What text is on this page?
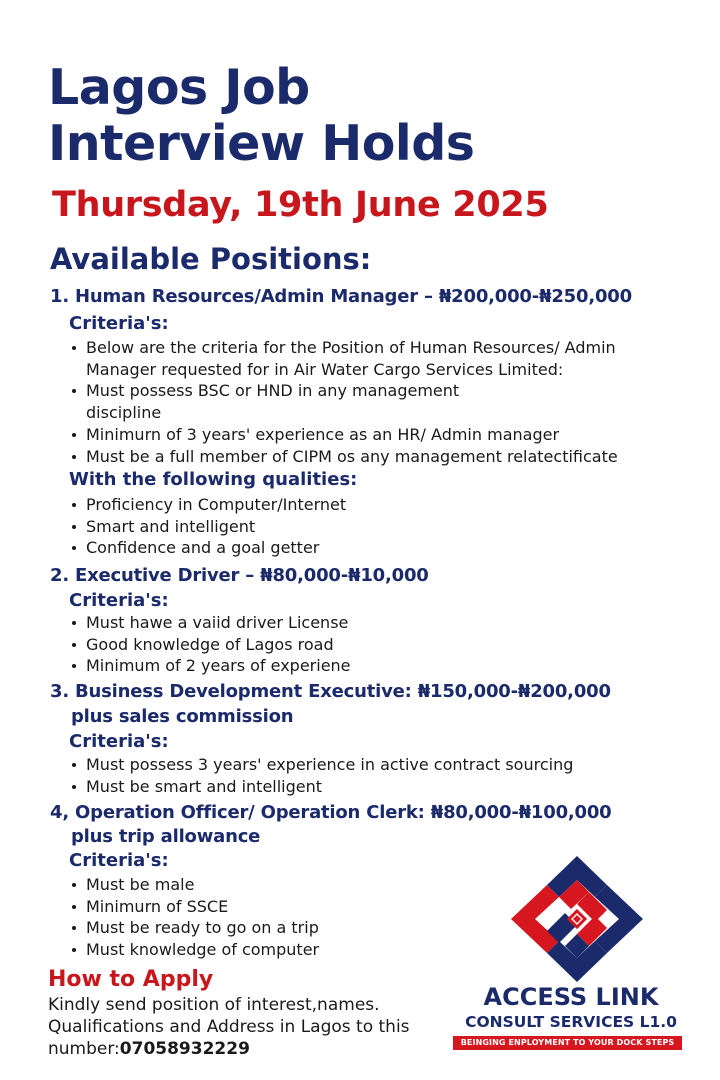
Lagos Job
Interview Holds
Thursday, 19th June 2025
Available Positions:
1. Human Resources/Admin Manager – ₦200,000-₦250,000
Criteria's:
Below are the criteria for the Position of Human Resources/ Admin Manager requested for in Air Water Cargo Services Limited:
Must possess BSC or HND in any management discipline
Minimurn of 3 years' experience as an HR/ Admin manager
Must be a full member of CIPM os any management relatectificate
With the following qualities:
Proficiency in Computer/Internet
Smart and intelligent
Confidence and a goal getter
2. Executive Driver – ₦80,000-₦10,000
Criteria's:
Must hawe a vaiid driver License
Good knowledge of Lagos road
Minimum of 2 years of experiene
3. Business Development Executive: ₦150,000-₦200,000
plus sales commission
Criteria's:
Must possess 3 years' experience in active contract sourcing
Must be smart and intelligent
4, Operation Officer/ Operation Clerk: ₦80,000-₦100,000
plus trip allowance
Criteria's:
Must be male
Minimurn of SSCE
Must be ready to go on a trip
Must knowledge of computer
How to Apply
Kindly send position of interest,names. Qualifications and Address in Lagos to this number:07058932229
ACCESS LINK
CONSULT SERVICES L1.0
BEINGING ENPLOYMENT TO YOUR DOCK STEPS
